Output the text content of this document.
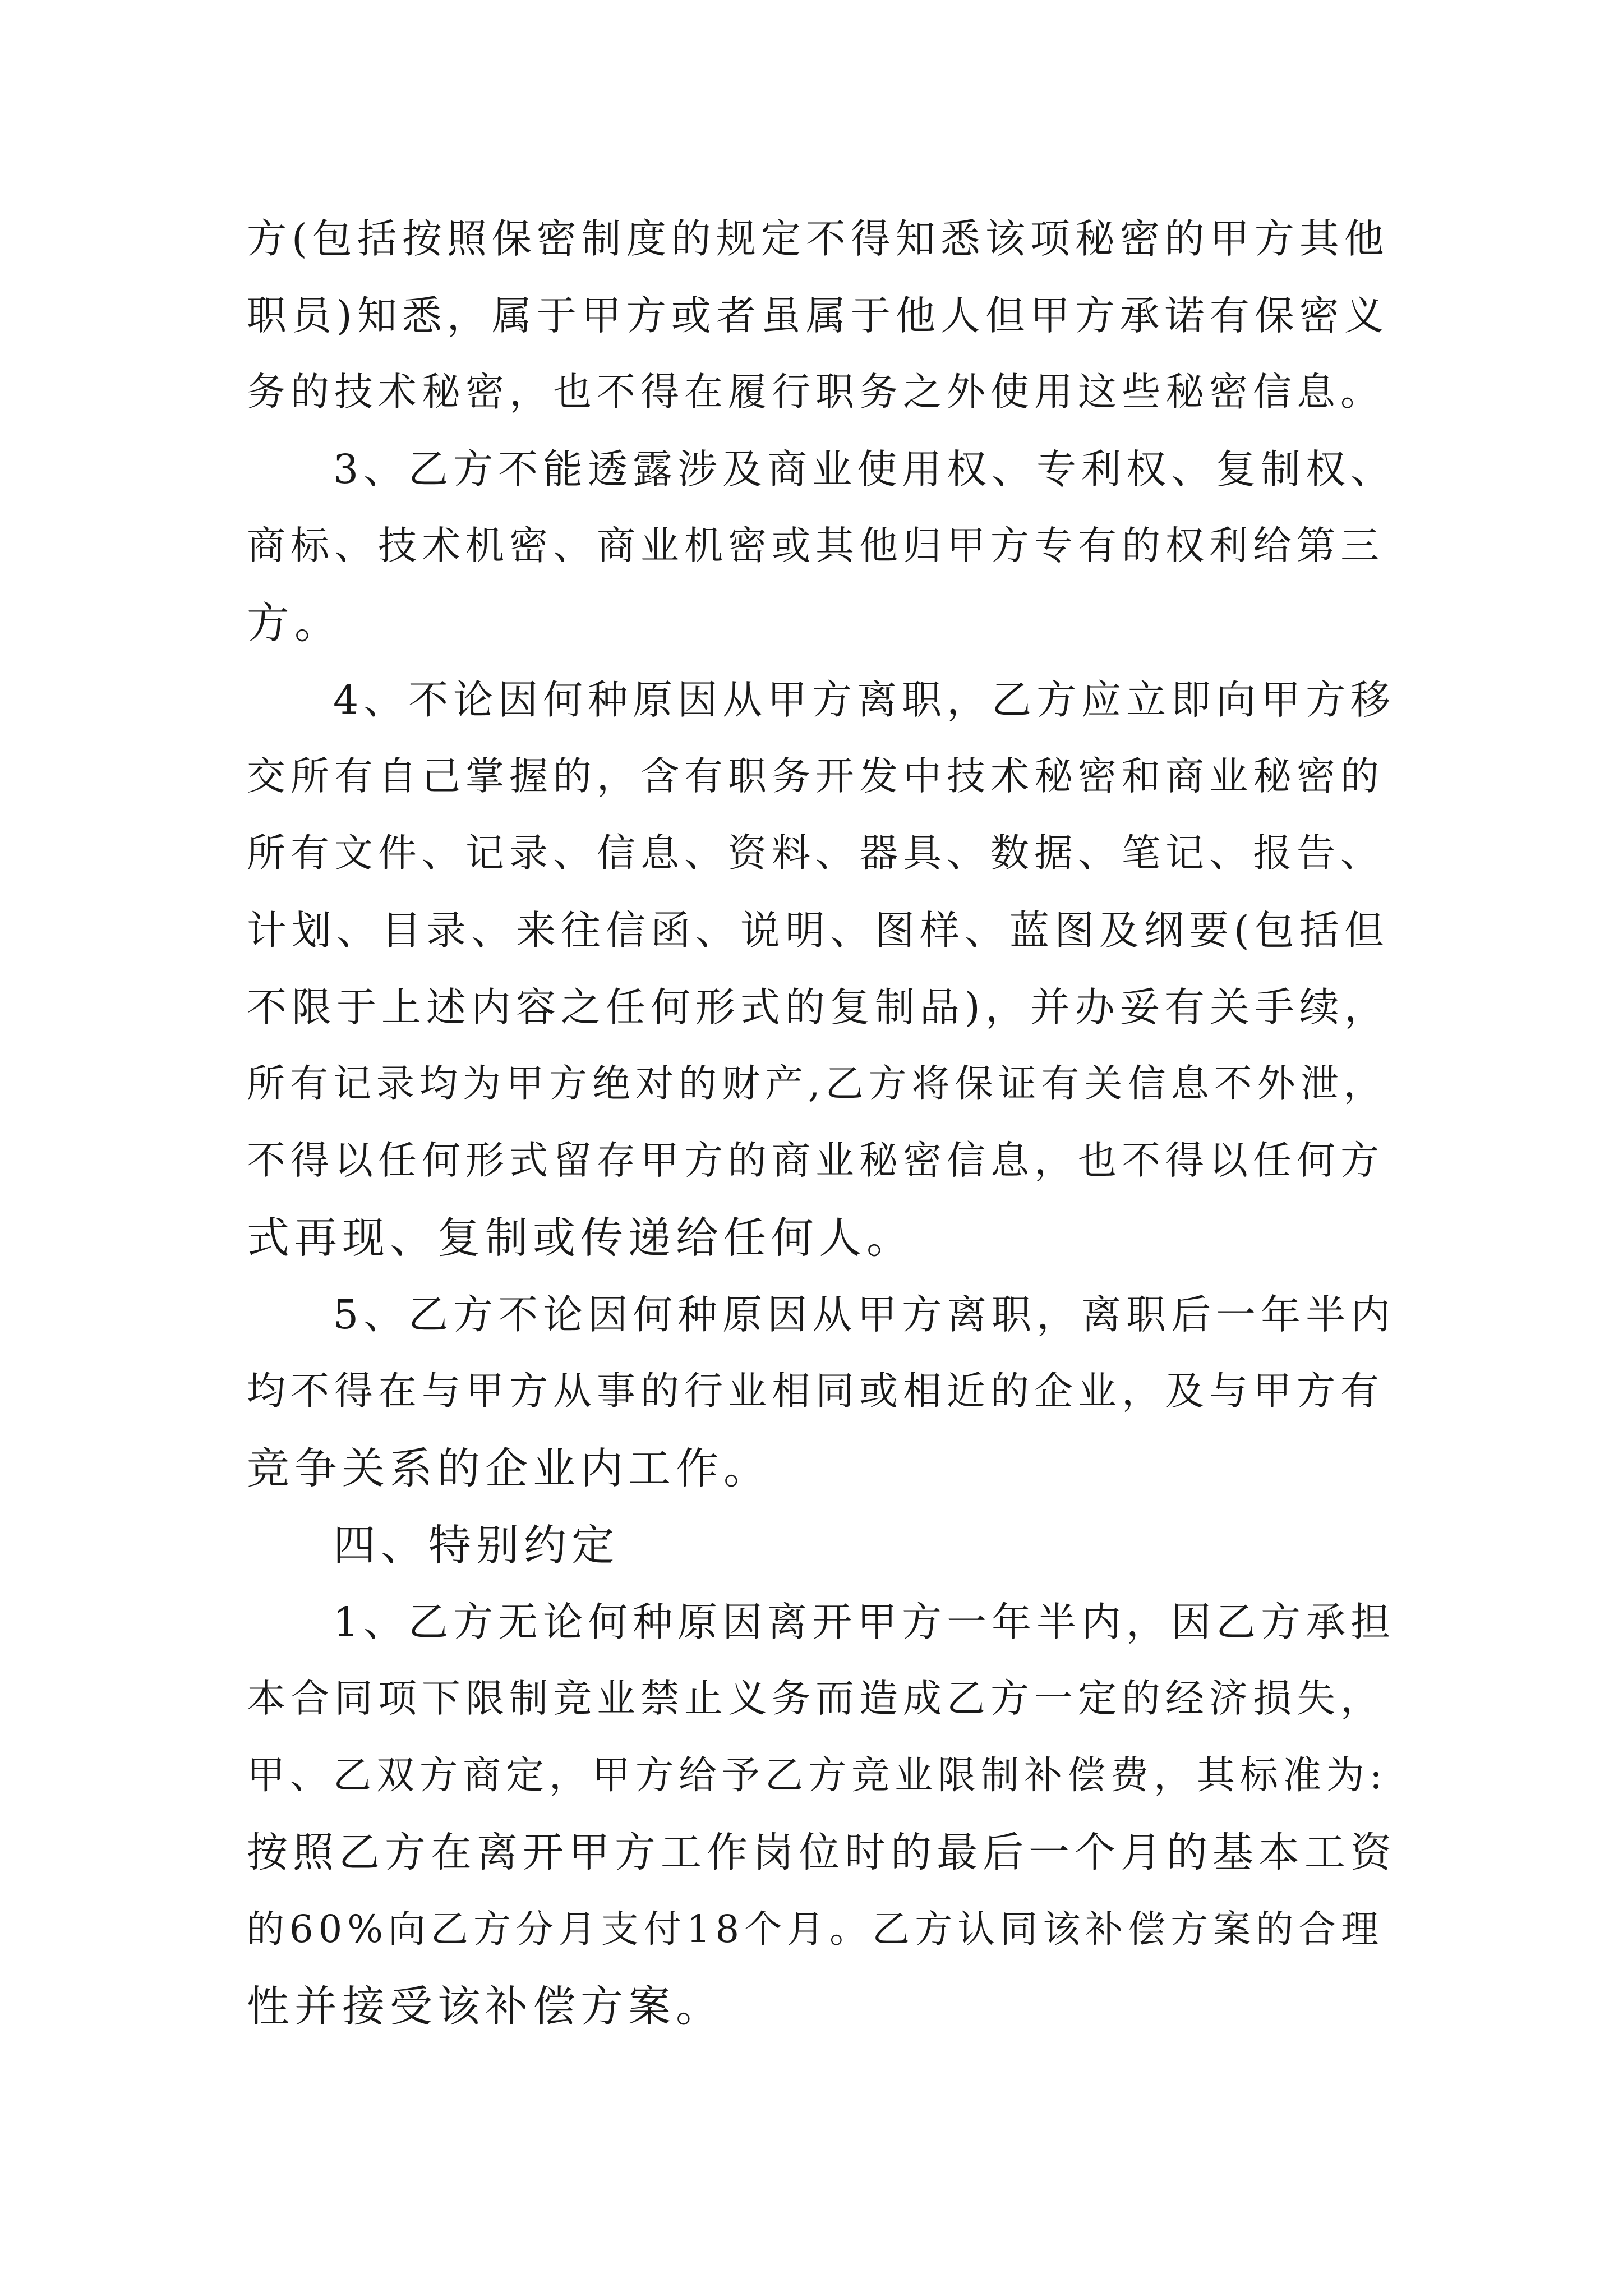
方(包括按照保密制度的规定不得知悉该项秘密的甲方其他
职员)知悉，属于甲方或者虽属于他人但甲方承诺有保密义
务的技术秘密，也不得在履行职务之外使用这些秘密信息。
3、乙方不能透露涉及商业使用权、专利权、复制权、
商标、技术机密、商业机密或其他归甲方专有的权利给第三
方。
4、不论因何种原因从甲方离职，乙方应立即向甲方移
交所有自己掌握的，含有职务开发中技术秘密和商业秘密的
所有文件、记录、信息、资料、器具、数据、笔记、报告、
计划、目录、来往信函、说明、图样、蓝图及纲要(包括但
不限于上述内容之任何形式的复制品)，并办妥有关手续，
所有记录均为甲方绝对的财产,乙方将保证有关信息不外泄，
不得以任何形式留存甲方的商业秘密信息，也不得以任何方
式再现、复制或传递给任何人。
5、乙方不论因何种原因从甲方离职，离职后一年半内
均不得在与甲方从事的行业相同或相近的企业，及与甲方有
竞争关系的企业内工作。
四、特别约定
1、乙方无论何种原因离开甲方一年半内，因乙方承担
本合同项下限制竞业禁止义务而造成乙方一定的经济损失，
甲、乙双方商定，甲方给予乙方竞业限制补偿费，其标准为:
按照乙方在离开甲方工作岗位时的最后一个月的基本工资
的60%向乙方分月支付18个月。乙方认同该补偿方案的合理
性并接受该补偿方案。
